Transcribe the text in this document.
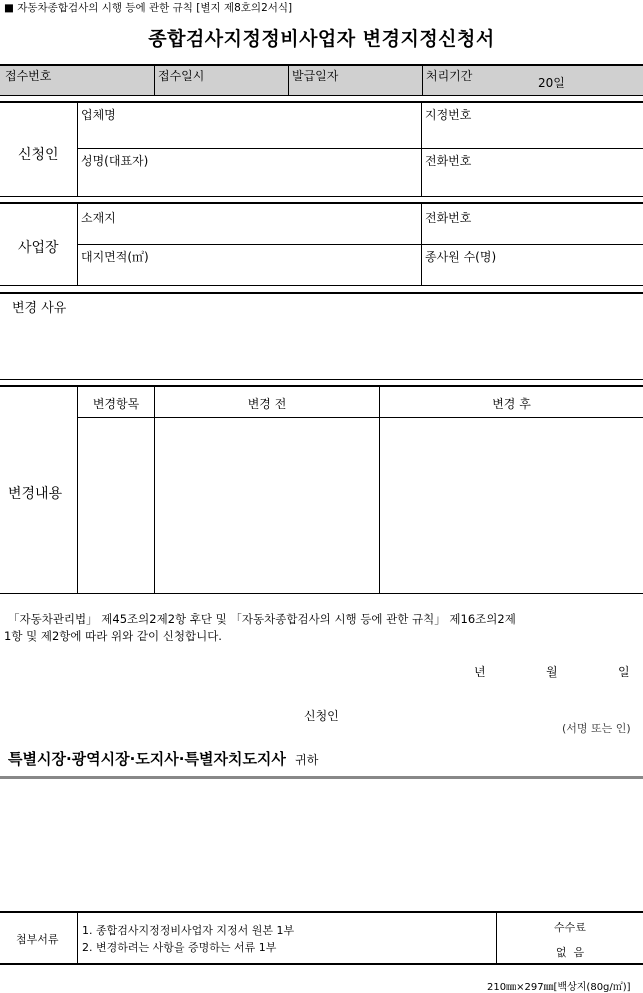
■ 자동차종합검사의 시행 등에 관한 규칙 [별지 제8호의2서식]
종합검사지정정비사업자 변경지정신청서
접수번호	접수일시	발급일자	처리기간	20일
신청인
업체명	지정번호
성명(대표자)	전화번호
사업장
소재지	전화번호
대지면적(㎡)	종사원 수(명)
변경 사유
변경내용
변경항목	변경 전	변경 후
「자동차관리법」 제45조의2제2항 후단 및 「자동차종합검사의 시행 등에 관한 규칙」 제16조의2제
1항 및 제2항에 따라 위와 같이 신청합니다.
년	월	일
신청인
(서명 또는 인)
특별시장·광역시장·도지사·특별자치도지사 귀하
첨부서류
1. 종합검사지정정비사업자 지정서 원본 1부
2. 변경하려는 사항을 증명하는 서류 1부
수수료
없  음
210㎜×297㎜[백상지(80g/㎡)]
